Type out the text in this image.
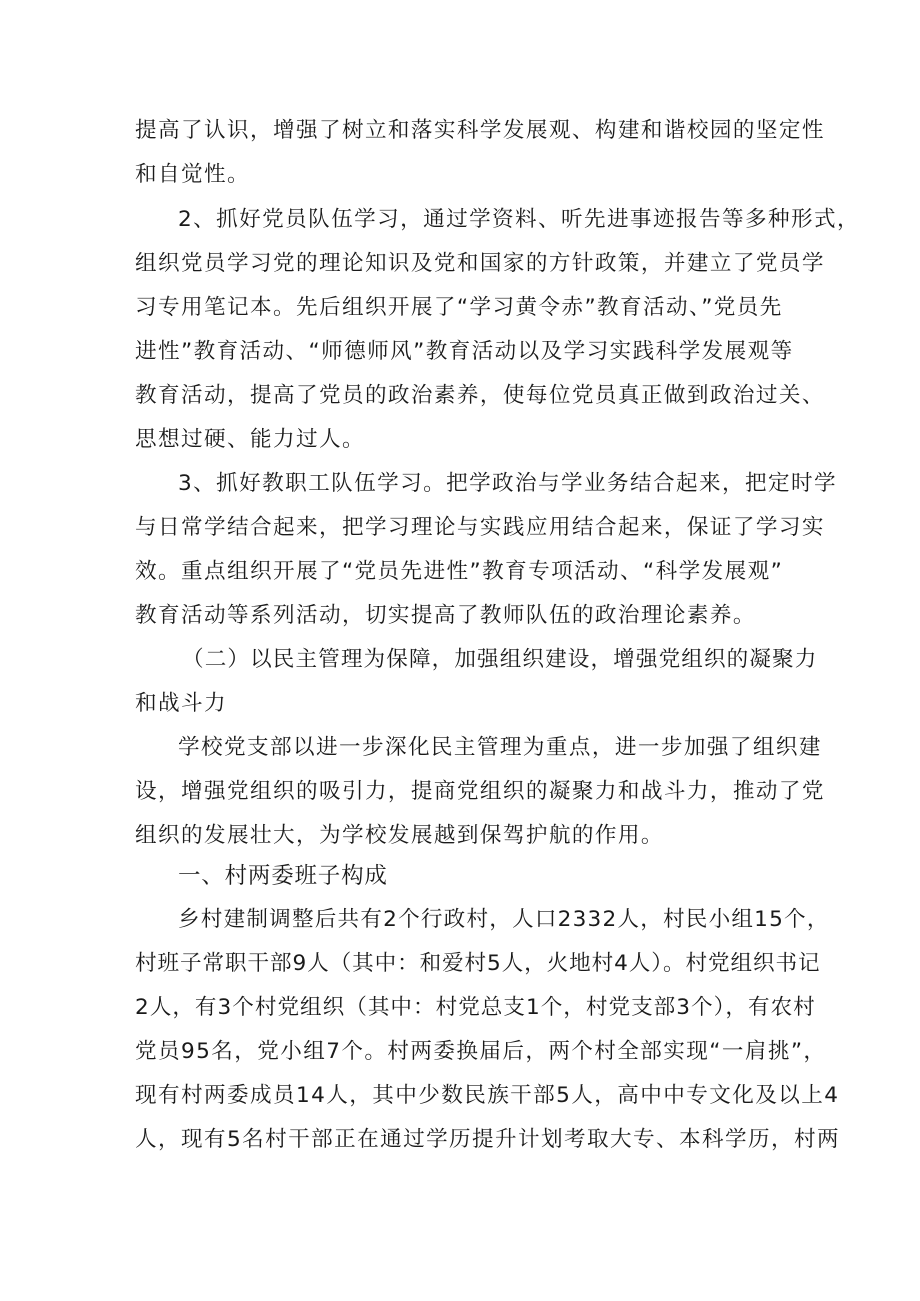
提高了认识，增强了树立和落实科学发展观、构建和谐校园的坚定性
和自觉性。
2、抓好党员队伍学习，通过学资料、听先进事迹报告等多种形式，
组织党员学习党的理论知识及党和国家的方针政策，并建立了党员学
习专用笔记本。先后组织开展了“学习黄令赤”教育活动、”党员先
进性”教育活动、“师德师风”教育活动以及学习实践科学发展观等
教育活动，提高了党员的政治素养，使每位党员真正做到政治过关、
思想过硬、能力过人。
3、抓好教职工队伍学习。把学政治与学业务结合起来，把定时学
与日常学结合起来，把学习理论与实践应用结合起来，保证了学习实
效。重点组织开展了“党员先进性”教育专项活动、“科学发展观”
教育活动等系列活动，切实提高了教师队伍的政治理论素养。
（二）以民主管理为保障，加强组织建设，增强党组织的凝聚力
和战斗力
学校党支部以进一步深化民主管理为重点，进一步加强了组织建
设，增强党组织的吸引力，提商党组织的凝聚力和战斗力，推动了党
组织的发展壮大，为学校发展越到保驾护航的作用。
一、村两委班子构成
乡村建制调整后共有2个行政村，人口2332人，村民小组15个，
村班子常职干部9人（其中：和爱村5人，火地村4人）。村党组织书记
2人，有3个村党组织（其中：村党总支1个，村党支部3个），有农村
党员95名，党小组7个。村两委换届后，两个村全部实现“一肩挑”，
现有村两委成员14人，其中少数民族干部5人，高中中专文化及以上4
人，现有5名村干部正在通过学历提升计划考取大专、本科学历，村两
